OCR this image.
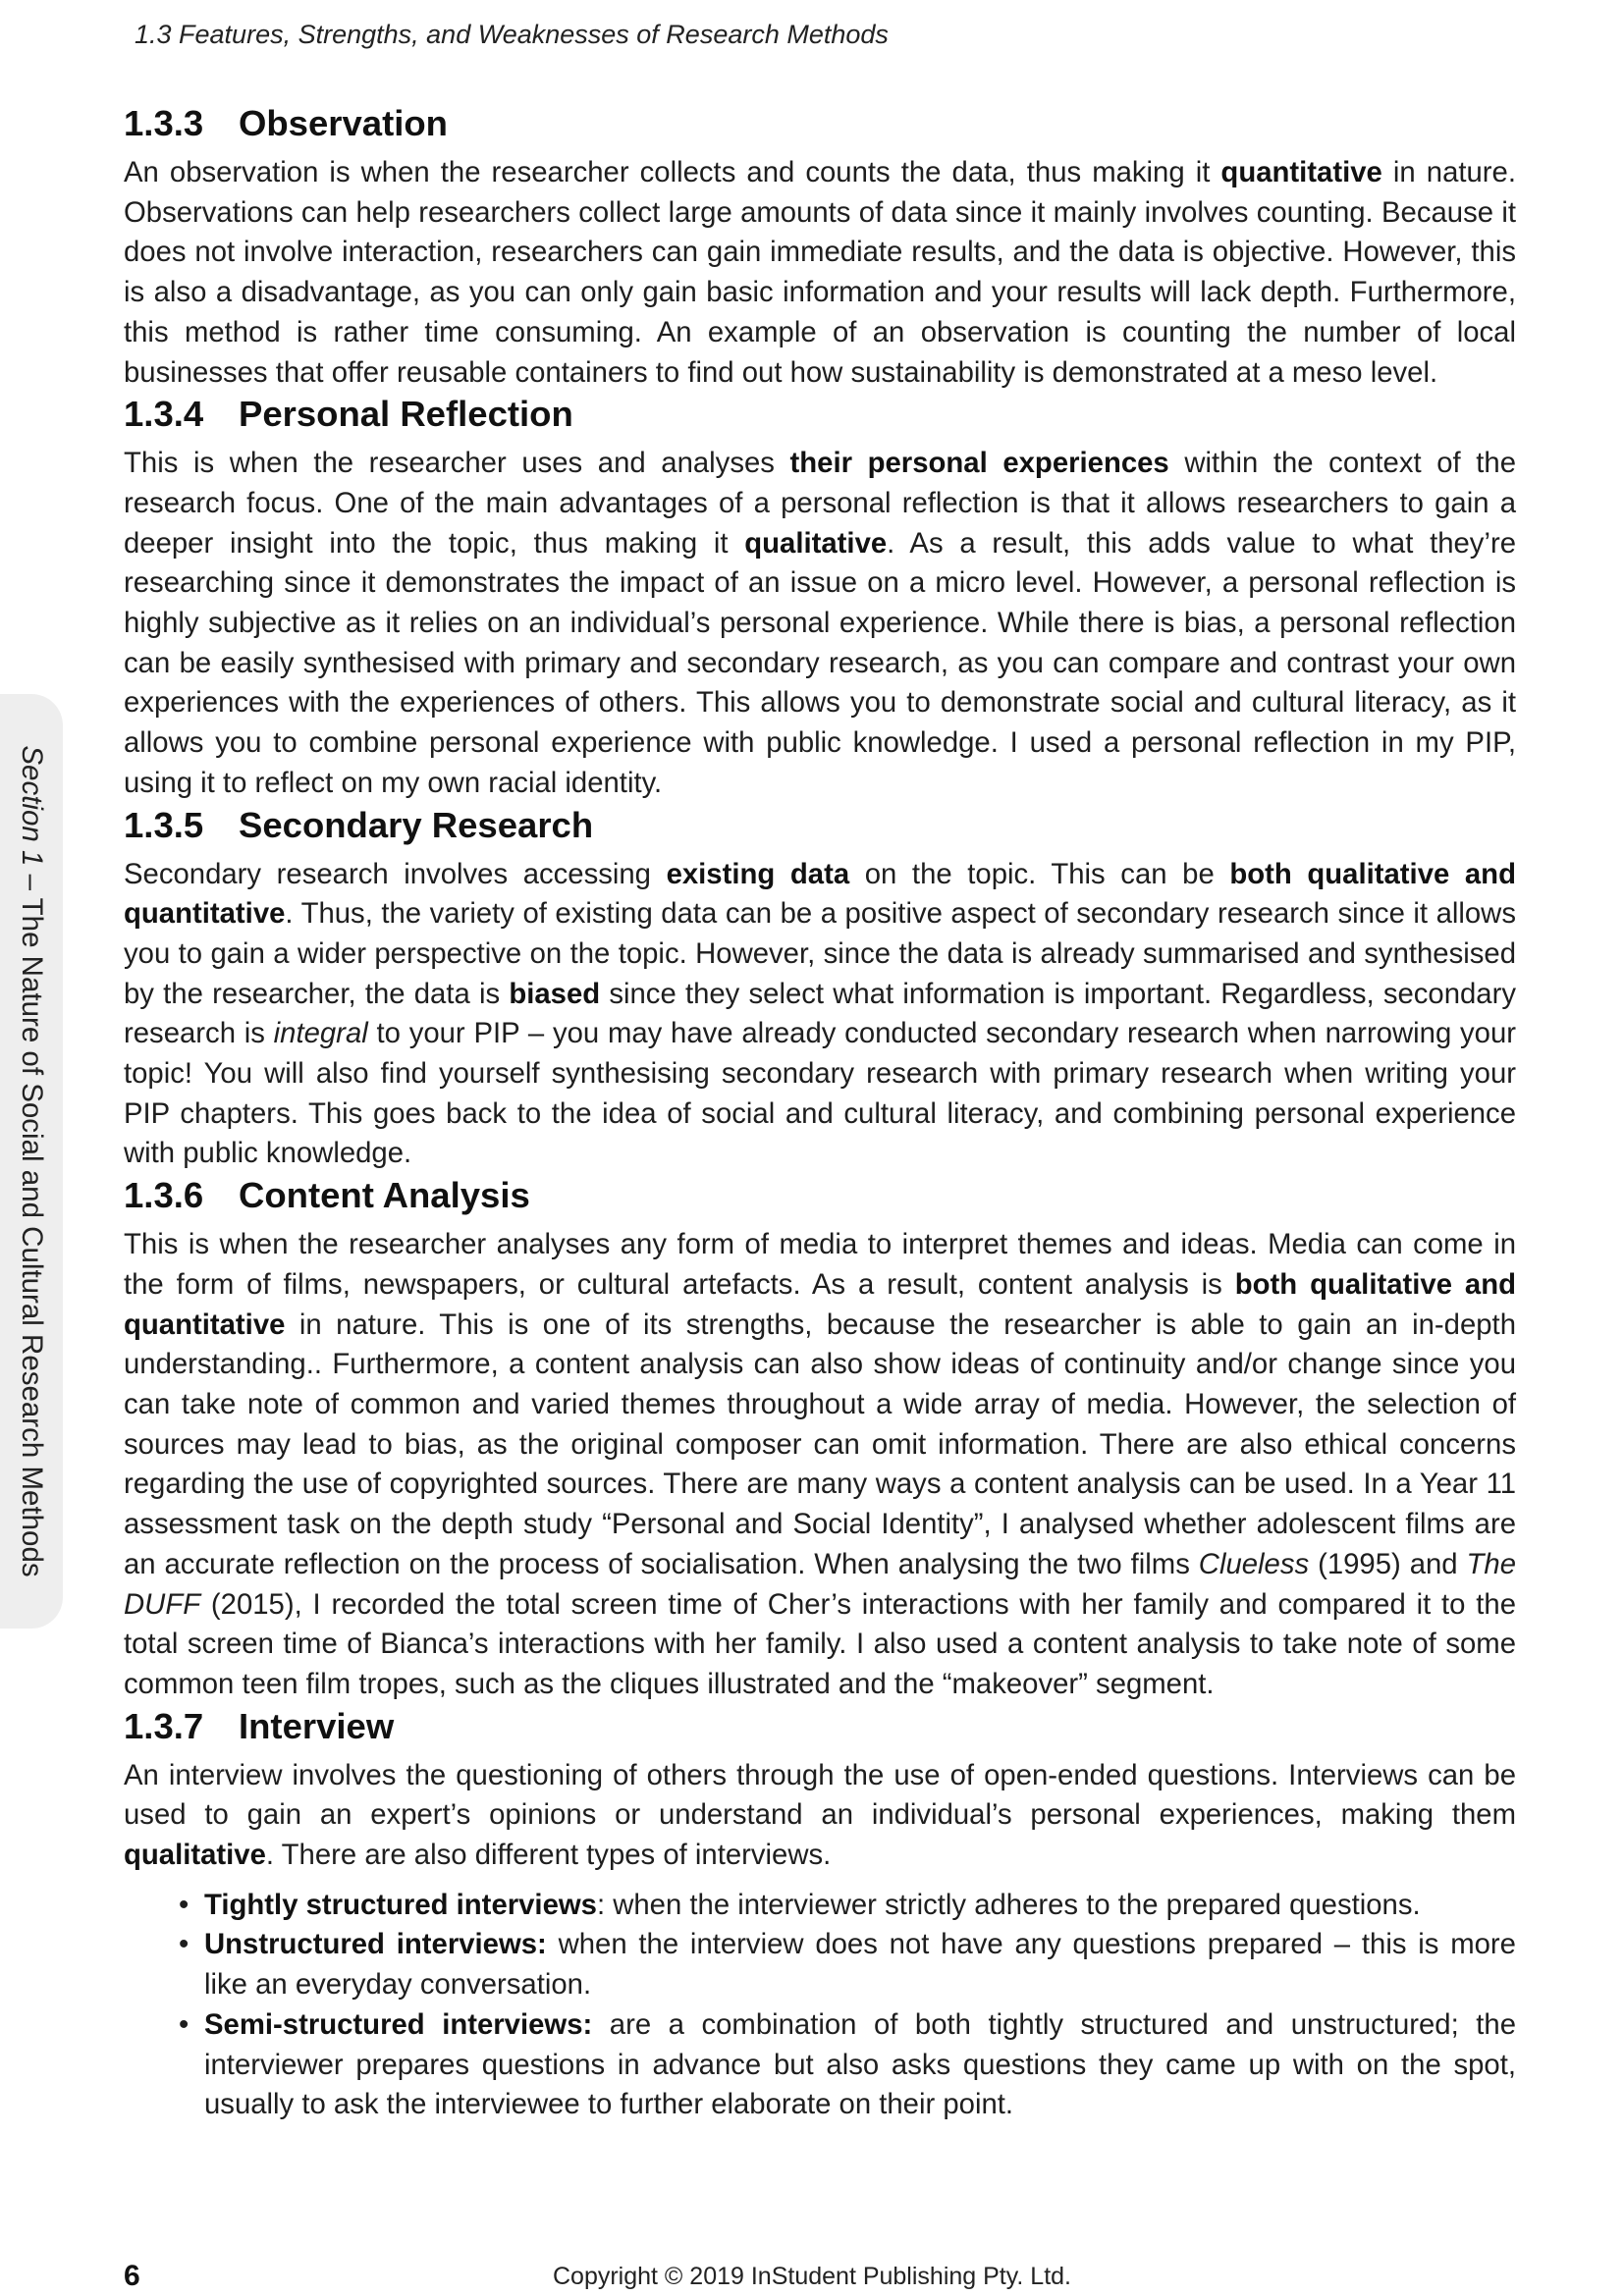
1.3 Features, Strengths, and Weaknesses of Research Methods
Section 1 – The Nature of Social and Cultural Research Methods
1.3.3 Observation

An observation is when the researcher collects and counts the data, thus making it quantitative in nature. Observations can help researchers collect large amounts of data since it mainly involves counting. Because it does not involve interaction, researchers can gain immediate results, and the data is objective. However, this is also a disadvantage, as you can only gain basic information and your results will lack depth. Furthermore, this method is rather time consuming. An example of an observation is counting the number of local businesses that offer reusable containers to find out how sustainability is demonstrated at a meso level.

1.3.4 Personal Reflection

This is when the researcher uses and analyses their personal experiences within the context of the research focus. One of the main advantages of a personal reflection is that it allows researchers to gain a deeper insight into the topic, thus making it qualitative. As a result, this adds value to what they’re researching since it demonstrates the impact of an issue on a micro level. However, a personal reflection is highly subjective as it relies on an individual’s personal experience. While there is bias, a personal reflection can be easily synthesised with primary and secondary research, as you can compare and contrast your own experiences with the experiences of others. This allows you to demonstrate social and cultural literacy, as it allows you to combine personal experience with public knowledge. I used a personal reflection in my PIP, using it to reflect on my own racial identity.

1.3.5 Secondary Research

Secondary research involves accessing existing data on the topic. This can be both qualitative and quantitative. Thus, the variety of existing data can be a positive aspect of secondary research since it allows you to gain a wider perspective on the topic. However, since the data is already summarised and synthesised by the researcher, the data is biased since they select what information is important. Regardless, secondary research is integral to your PIP – you may have already conducted secondary research when narrowing your topic! You will also find yourself synthesising secondary research with primary research when writing your PIP chapters. This goes back to the idea of social and cultural literacy, and combining personal experience with public knowledge.

1.3.6 Content Analysis

This is when the researcher analyses any form of media to interpret themes and ideas. Media can come in the form of films, newspapers, or cultural artefacts. As a result, content analysis is both qualitative and quantitative in nature. This is one of its strengths, because the researcher is able to gain an in-depth understanding.. Furthermore, a content analysis can also show ideas of continuity and/or change since you can take note of common and varied themes throughout a wide array of media. However, the selection of sources may lead to bias, as the original composer can omit information. There are also ethical concerns regarding the use of copyrighted sources. There are many ways a content analysis can be used. In a Year 11 assessment task on the depth study “Personal and Social Identity”, I analysed whether adolescent films are an accurate reflection on the process of socialisation. When analysing the two films Clueless (1995) and The DUFF (2015), I recorded the total screen time of Cher’s interactions with her family and compared it to the total screen time of Bianca’s interactions with her family. I also used a content analysis to take note of some common teen film tropes, such as the cliques illustrated and the “makeover” segment.

1.3.7 Interview

An interview involves the questioning of others through the use of open-ended questions. Interviews can be used to gain an expert’s opinions or understand an individual’s personal experiences, making them qualitative. There are also different types of interviews.

• Tightly structured interviews: when the interviewer strictly adheres to the prepared questions.
• Unstructured interviews: when the interview does not have any questions prepared – this is more like an everyday conversation.
• Semi-structured interviews: are a combination of both tightly structured and unstructured; the interviewer prepares questions in advance but also asks questions they came up with on the spot, usually to ask the interviewee to further elaborate on their point.
6	Copyright © 2019 InStudent Publishing Pty. Ltd.
